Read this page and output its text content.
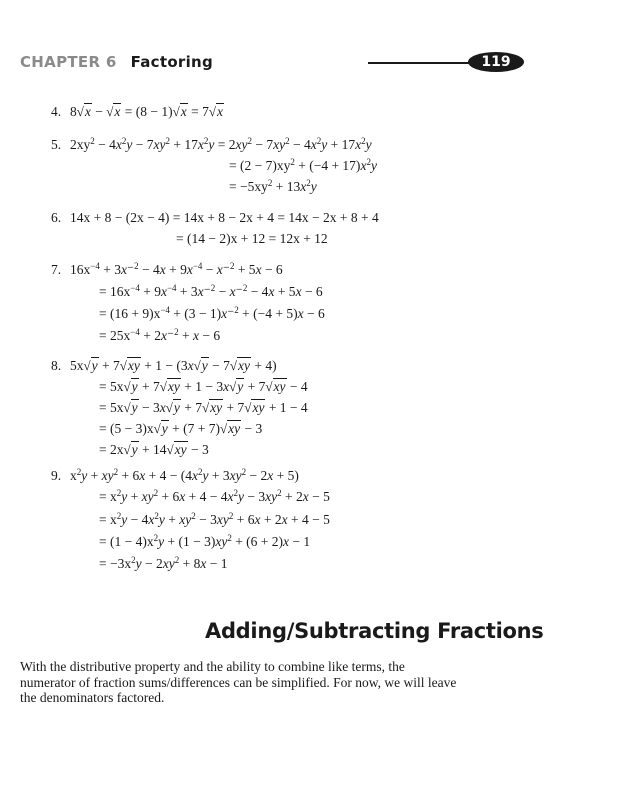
CHAPTER 6 Factoring	119
4. 8√x − √x = (8 − 1)√x = 7√x
5. $2xy^2 - 4x^2y - 7xy^2 + 17x^2y = 2xy^2 - 7xy^2 - 4x^2y + 17x^2y$
= $(2 - 7)xy^2 + (-4 + 17)x^2y$
= $-5xy^2 + 13x^2y$
6. 14x + 8 − (2x − 4) = 14x + 8 − 2x + 4 = 14x − 2x + 8 + 4
= (14 − 2)x + 12 = 12x + 12
7. $16x^{-4} + 3x^-^2 - 4x + 9x^{-4} - x^-^2 + 5x - 6$
= $16x^{-4} + 9x^{-4} + 3x^-^2 - x^-^2 - 4x + 5x - 6$
= $(16 + 9)x^{-4} + (3 - 1)x^-^2 + (-4 + 5)x - 6$
= $25x^{-4} + 2x^-^2 + x - 6$
8. 5x√y + 7√xy + 1 − (3x√y − 7√xy + 4)
= 5x√y + 7√xy + 1 − 3x√y + 7√xy − 4
= 5x√y − 3x√y + 7√xy + 7√xy + 1 − 4
= (5 − 3)x√y + (7 + 7)√xy − 3
= 2x√y + 14√xy − 3
9. $x^2y + xy^2 + 6x + 4 - (4x^2y + 3xy^2 - 2x + 5)$
= $x^2y + xy^2 + 6x + 4 - 4x^2y - 3xy^2 + 2x - 5$
= $x^2y - 4x^2y + xy^2 - 3xy^2 + 6x + 2x + 4 - 5$
= $(1 - 4)x^2y + (1 - 3)xy^2 + (6 + 2)x - 1$
= $-3x^2y - 2xy^2 + 8x - 1$
Adding/Subtracting Fractions
With the distributive property and the ability to combine like terms, the numerator of fraction sums/differences can be simplified. For now, we will leave the denominators factored.
